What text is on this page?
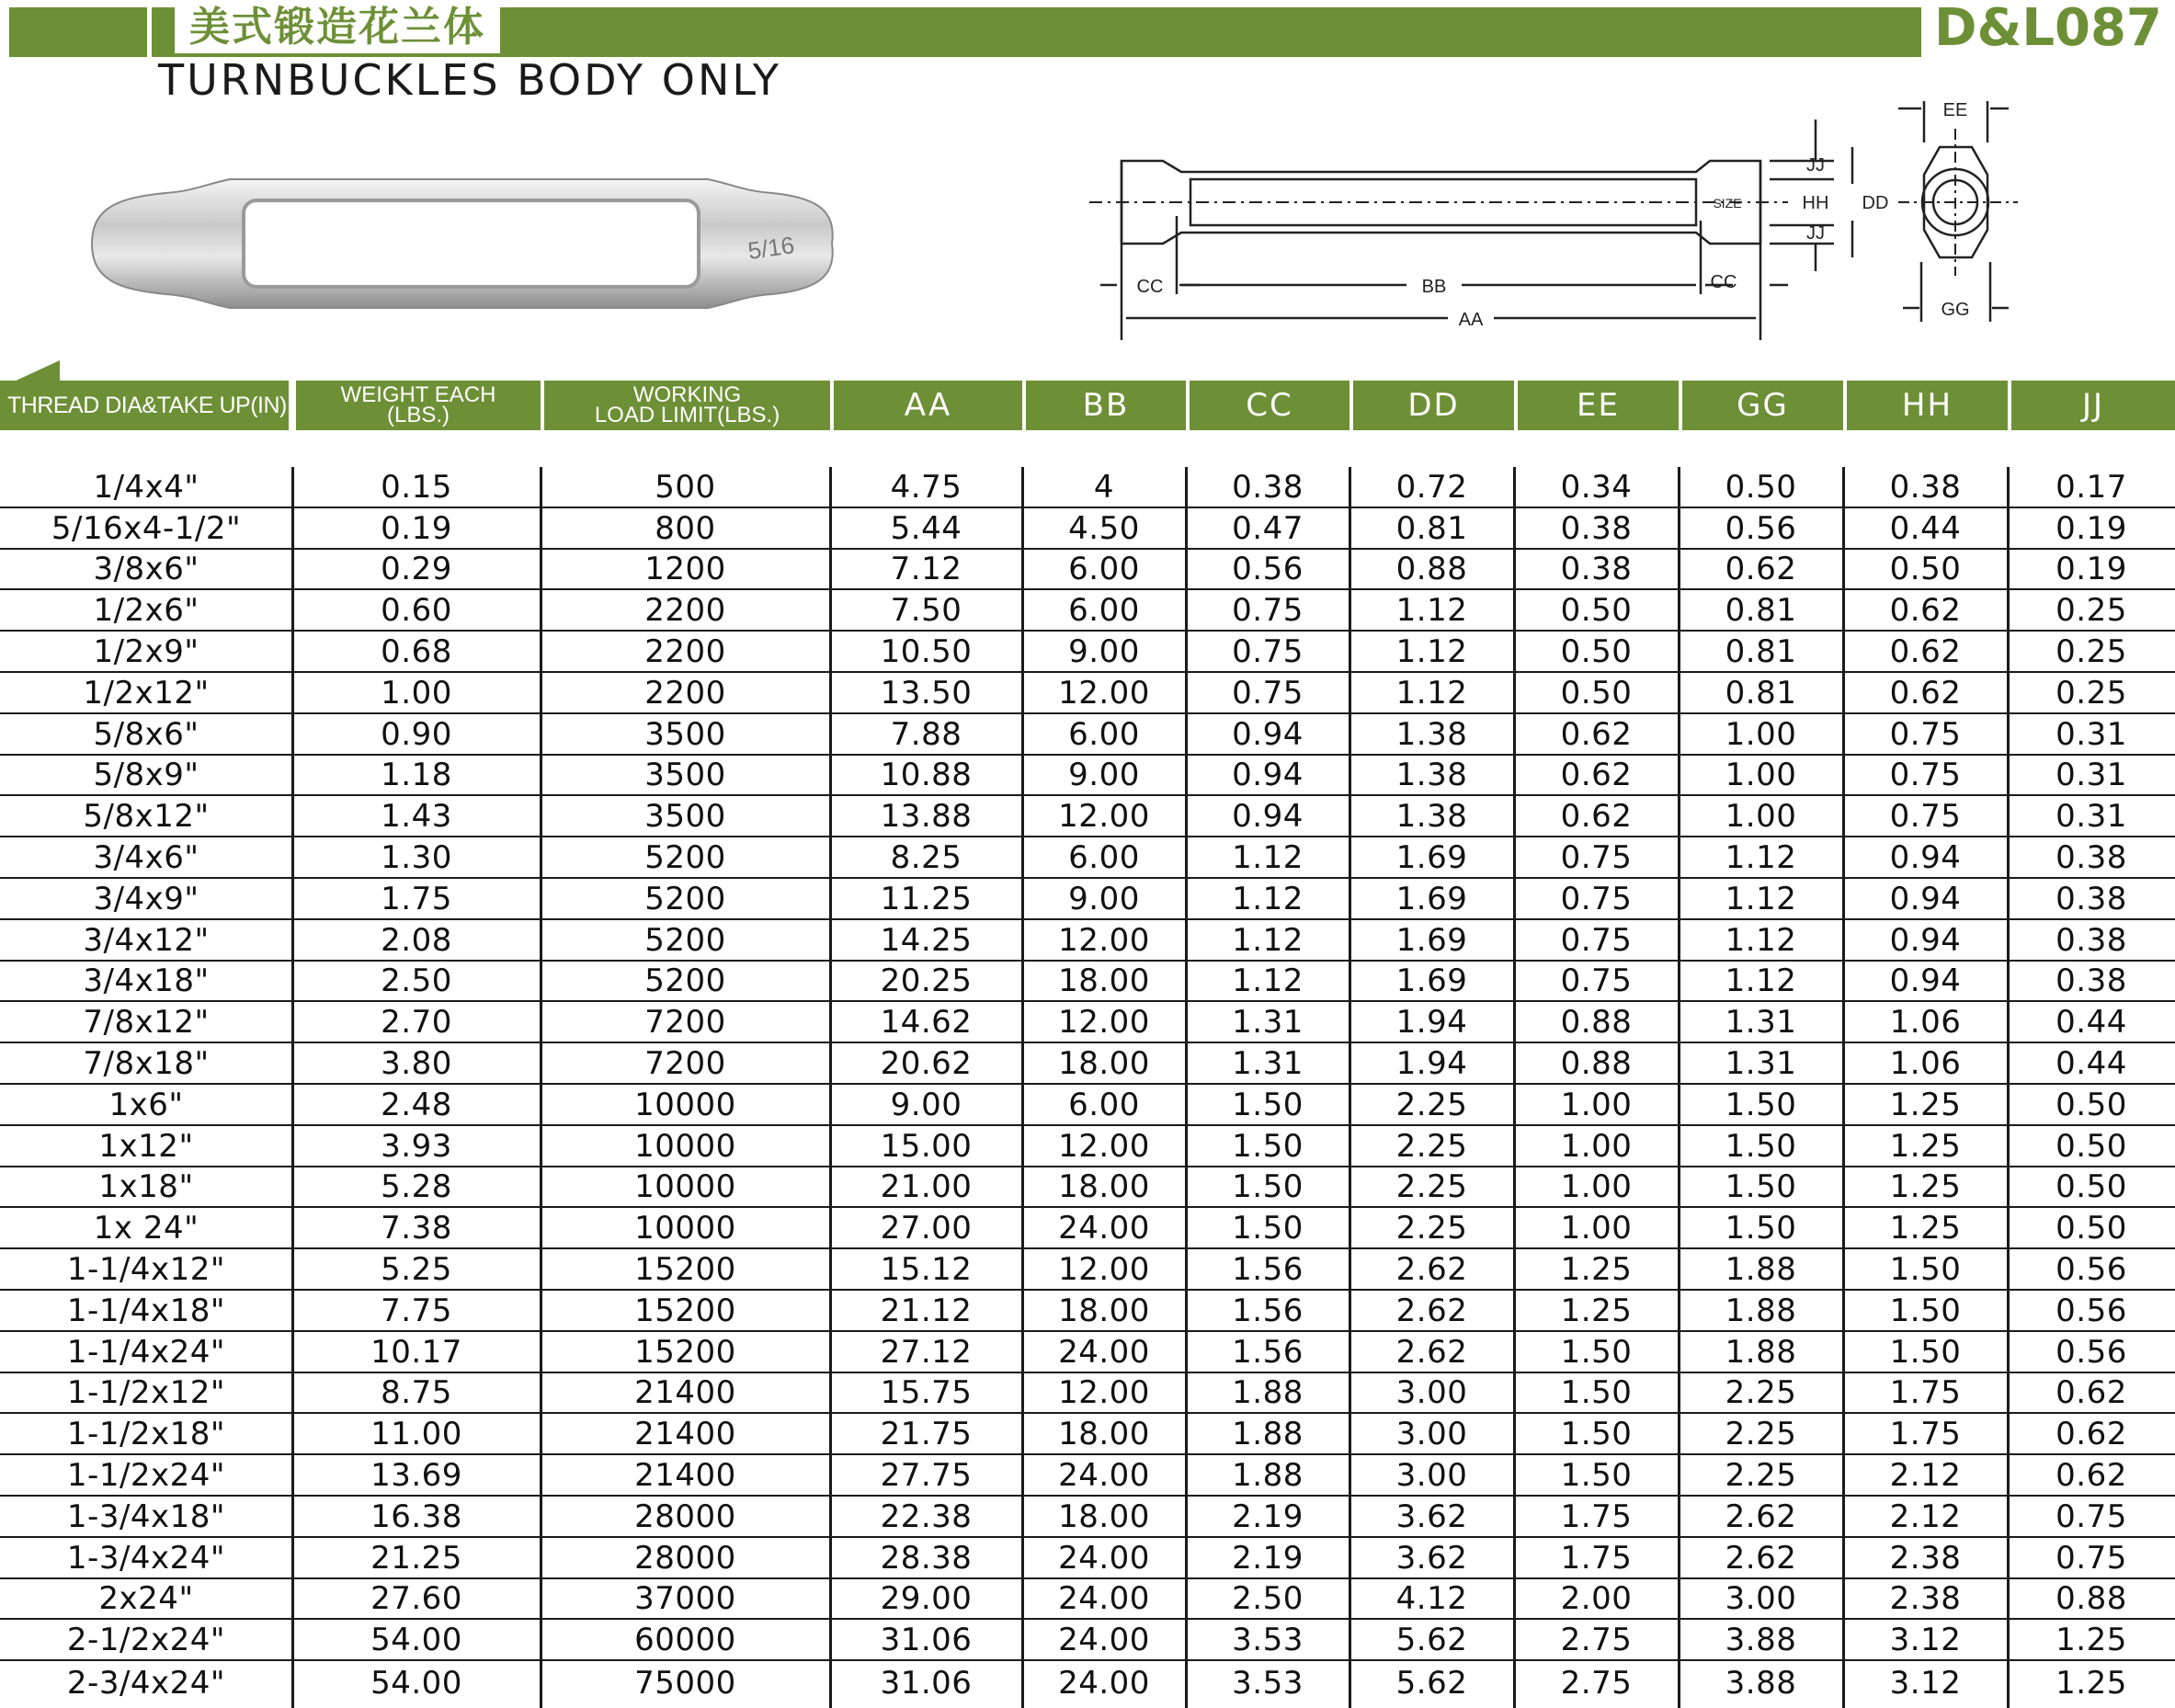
美式锻造花兰体	D&L087
TURNBUCKLES BODY ONLY
5/16
EE
JJ
HH
JJ
DD
CC	BB	CC
AA	GG
SIZE
THREAD DIA&TAKE UP(IN) WEIGHT EACH
(LBS.)
WORKING
LOAD LIMIT(LBS.)	AA	BB	CC	DD	EE	GG	HH	JJ
1/4x4"	0.15	500	4.75	4	0.38	0.72	0.34	0.50	0.38	0.17
5/16x4-1/2"	0.19	800	5.44	4.50	0.47	0.81	0.38	0.56	0.44	0.19
3/8x6"	0.29	1200	7.12	6.00	0.56	0.88	0.38	0.62	0.50	0.19
1/2x6"	0.60	2200	7.50	6.00	0.75	1.12	0.50	0.81	0.62	0.25
1/2x9"	0.68	2200	10.50	9.00	0.75	1.12	0.50	0.81	0.62	0.25
1/2x12"	1.00	2200	13.50	12.00	0.75	1.12	0.50	0.81	0.62	0.25
5/8x6"	0.90	3500	7.88	6.00	0.94	1.38	0.62	1.00	0.75	0.31
5/8x9"	1.18	3500	10.88	9.00	0.94	1.38	0.62	1.00	0.75	0.31
5/8x12"	1.43	3500	13.88	12.00	0.94	1.38	0.62	1.00	0.75	0.31
3/4x6"	1.30	5200	8.25	6.00	1.12	1.69	0.75	1.12	0.94	0.38
3/4x9"	1.75	5200	11.25	9.00	1.12	1.69	0.75	1.12	0.94	0.38
3/4x12"	2.08	5200	14.25	12.00	1.12	1.69	0.75	1.12	0.94	0.38
3/4x18"	2.50	5200	20.25	18.00	1.12	1.69	0.75	1.12	0.94	0.38
7/8x12"	2.70	7200	14.62	12.00	1.31	1.94	0.88	1.31	1.06	0.44
7/8x18"	3.80	7200	20.62	18.00	1.31	1.94	0.88	1.31	1.06	0.44
1x6"	2.48	10000	9.00	6.00	1.50	2.25	1.00	1.50	1.25	0.50
1x12"	3.93	10000	15.00	12.00	1.50	2.25	1.00	1.50	1.25	0.50
1x18"	5.28	10000	21.00	18.00	1.50	2.25	1.00	1.50	1.25	0.50
1x 24"	7.38	10000	27.00	24.00	1.50	2.25	1.00	1.50	1.25	0.50
1-1/4x12"	5.25	15200	15.12	12.00	1.56	2.62	1.25	1.88	1.50	0.56
1-1/4x18"	7.75	15200	21.12	18.00	1.56	2.62	1.25	1.88	1.50	0.56
1-1/4x24"	10.17	15200	27.12	24.00	1.56	2.62	1.50	1.88	1.50	0.56
1-1/2x12"	8.75	21400	15.75	12.00	1.88	3.00	1.50	2.25	1.75	0.62
1-1/2x18"	11.00	21400	21.75	18.00	1.88	3.00	1.50	2.25	1.75	0.62
1-1/2x24"	13.69	21400	27.75	24.00	1.88	3.00	1.50	2.25	2.12	0.62
1-3/4x18"	16.38	28000	22.38	18.00	2.19	3.62	1.75	2.62	2.12	0.75
1-3/4x24"	21.25	28000	28.38	24.00	2.19	3.62	1.75	2.62	2.38	0.75
2x24"	27.60	37000	29.00	24.00	2.50	4.12	2.00	3.00	2.38	0.88
2-1/2x24"	54.00	60000	31.06	24.00	3.53	5.62	2.75	3.88	3.12	1.25
2-3/4x24"	54.00	75000	31.06	24.00	3.53	5.62	2.75	3.88	3.12	1.25
